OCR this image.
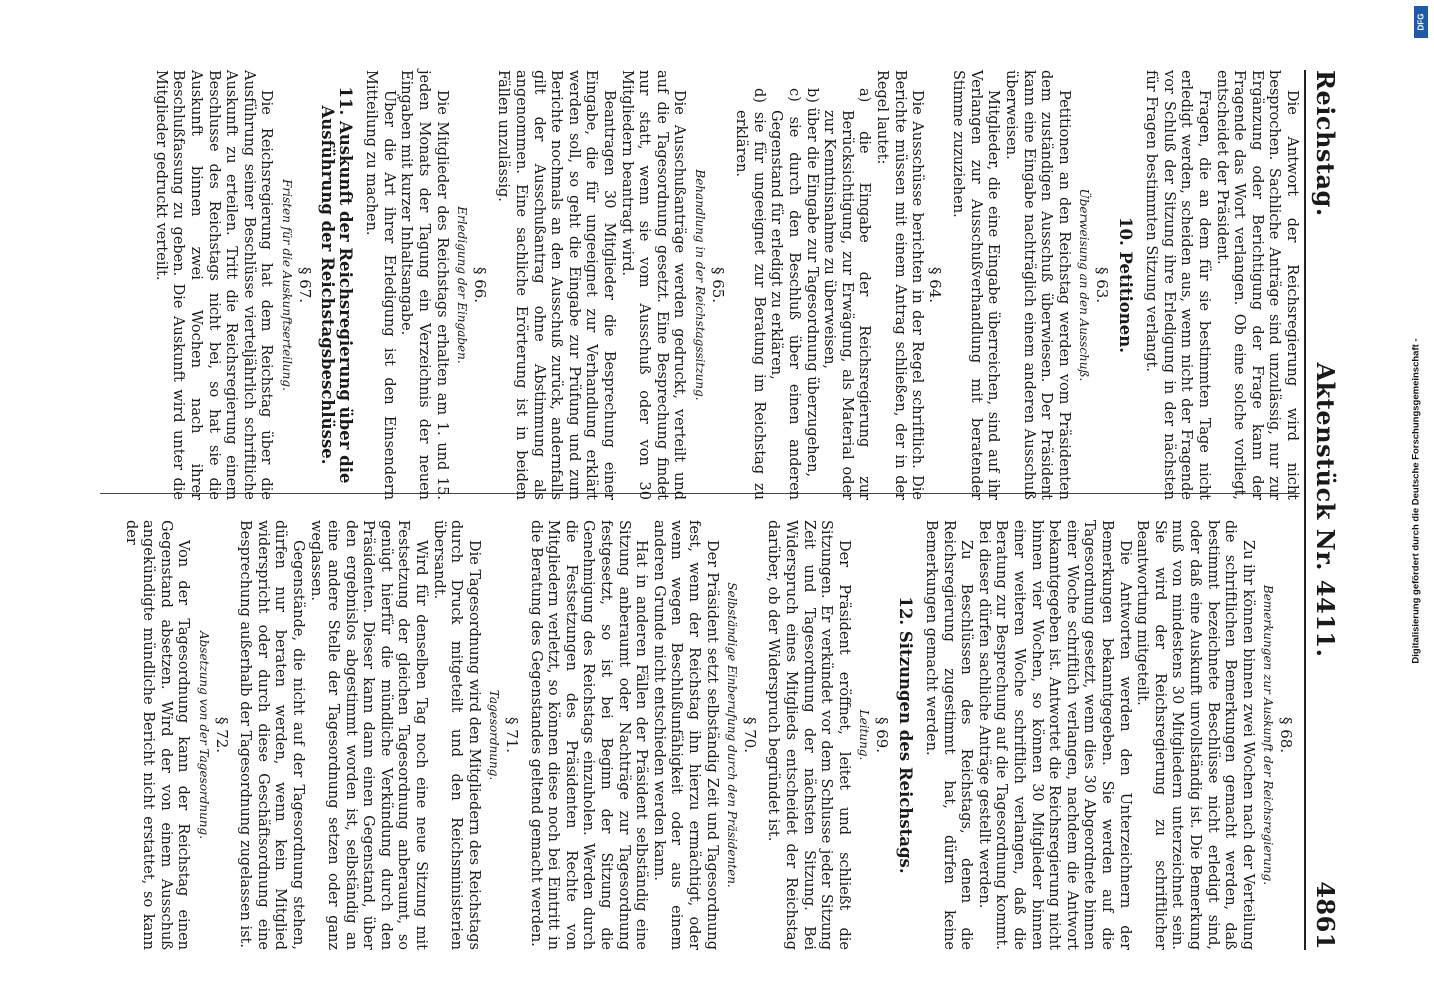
Reichstag.
Aktenstück Nr. 4411.
4861

Die Antwort der Reichsregierung wird nicht besprochen. Sachliche Anträge sind unzulässig, nur zur Ergänzung oder Berichtigung der Frage kann der Fragende das Wort verlangen. Ob eine solche vorliegt, entscheidet der Präsident.

Fragen, die an dem für sie bestimmten Tage nicht erledigt werden, scheiden aus, wenn nicht der Fragende vor Schluß der Sitzung ihre Erledigung in der nächsten für Fragen bestimmten Sitzung verlangt.

10. Petitionen.
§ 63.
Überweisung an den Ausschuß.

Petitionen an den Reichstag werden vom Präsidenten dem zuständigen Ausschuß überwiesen. Der Präsident kann eine Eingabe nachträglich einem anderen Ausschuß überweisen.

Mitglieder, die eine Eingabe überreichen, sind auf ihr Verlangen zur Ausschußverhandlung mit beratender Stimme zuzuziehen.

§ 64.

Die Ausschüsse berichten in der Regel schriftlich. Die Berichte müssen mit einem Antrag schließen, der in der Regel lautet:

a) die Eingabe der Reichsregierung zur Berücksichtigung, zur Erwägung, als Material oder zur Kenntnisnahme zu überweisen,

b) über die Eingabe zur Tagesordnung überzugehen,

c) sie durch den Beschluß über einen anderen Gegenstand für erledigt zu erklären,

d) sie für ungeeignet zur Beratung im Reichstag zu erklären.

§ 65.
Behandlung in der Reichstagssitzung.

Die Ausschußanträge werden gedruckt, verteilt und auf die Tagesordnung gesetzt. Eine Besprechung findet nur statt, wenn sie vom Ausschuß oder von 30 Mitgliedern beantragt wird.

Beantragen 30 Mitglieder die Besprechung einer Eingabe, die für ungeeignet zur Verhandlung erklärt werden soll, so geht die Eingabe zur Prüfung und zum Berichte nochmals an den Ausschuß zurück, andernfalls gilt der Ausschußantrag ohne Abstimmung als angenommen. Eine sachliche Erörterung ist in beiden Fällen unzulässig.

§ 66.
Erledigung der Eingaben.

Die Mitglieder des Reichstags erhalten am 1. und 15. jeden Monats der Tagung ein Verzeichnis der neuen Eingaben mit kurzer Inhaltsangabe.

Über die Art ihrer Erledigung ist den Einsendern Mitteilung zu machen.

11. Auskunft der Reichsregierung über die Ausführung der Reichstagsbeschlüsse.
§ 67.
Fristen für die Auskunftserteilung.

Die Reichsregierung hat dem Reichstag über die Ausführung seiner Beschlüsse vierteljährlich schriftliche Auskunft zu erteilen. Tritt die Reichsregierung einem Beschlusse des Reichstags nicht bei, so hat sie die Auskunft binnen zwei Wochen nach ihrer Beschlußfassung zu geben. Die Auskunft wird unter die Mitglieder gedruckt verteilt.

§ 68.
Bemerkungen zur Auskunft der Reichsregierung.

Zu ihr können binnen zwei Wochen nach der Verteilung die schriftlichen Bemerkungen gemacht werden, daß bestimmt bezeichnete Beschlüsse nicht erledigt sind, oder daß eine Auskunft unvollständig ist. Die Bemerkung muß von mindestens 30 Mitgliedern unterzeichnet sein. Sie wird der Reichsregierung zu schriftlicher Beantwortung mitgeteilt.

Die Antworten werden den Unterzeichnern der Bemerkungen bekanntgegeben. Sie werden auf die Tagesordnung gesetzt, wenn dies 30 Abgeordnete binnen einer Woche schriftlich verlangen, nachdem die Antwort bekanntgegeben ist. Antwortet die Reichsregierung nicht binnen vier Wochen, so können 30 Mitglieder binnen einer weiteren Woche schriftlich verlangen, daß die Beratung zur Besprechung auf die Tagesordnung kommt. Bei dieser dürfen sachliche Anträge gestellt werden.

Zu Beschlüssen des Reichstags, denen die Reichsregierung zugestimmt hat, dürfen keine Bemerkungen gemacht werden.

12. Sitzungen des Reichstags.
§ 69.
Leitung.

Der Präsident eröffnet, leitet und schließt die Sitzungen. Er verkündet vor dem Schlusse jeder Sitzung Zeit und Tagesordnung der nächsten Sitzung. Bei Widerspruch eines Mitglieds entscheidet der Reichstag darüber, ob der Widerspruch begründet ist.

§ 70.
Selbständige Einberufung durch den Präsidenten.

Der Präsident setzt selbständig Zeit und Tagesordnung fest, wenn der Reichstag ihn hierzu ermächtigt, oder wenn wegen Beschlußunfähigkeit oder aus einem anderen Grunde nicht entschieden werden kann.

Hat in anderen Fällen der Präsident selbständig eine Sitzung anberaumt oder Nachträge zur Tagesordnung festgesetzt, so ist bei Beginn der Sitzung die Genehmigung des Reichstags einzuholen. Werden durch die Festsetzungen des Präsidenten Rechte von Mitgliedern verletzt, so können diese noch bei Eintritt in die Beratung des Gegenstandes geltend gemacht werden.

§ 71.
Tagesordnung.

Die Tagesordnung wird den Mitgliedern des Reichstags durch Druck mitgeteilt und den Reichsministerien übersandt.

Wird für denselben Tag noch eine neue Sitzung mit Festsetzung der gleichen Tagesordnung anberaumt, so genügt hierfür die mündliche Verkündung durch den Präsidenten. Dieser kann dann einen Gegenstand, über den ergebnislos abgestimmt worden ist, selbständig an eine andere Stelle der Tagesordnung setzen oder ganz weglassen.

Gegenstände, die nicht auf der Tagesordnung stehen, dürfen nur beraten werden, wenn kein Mitglied widerspricht oder durch diese Geschäftsordnung eine Besprechung außerhalb der Tagesordnung zugelassen ist.

§ 72.
Absetzung von der Tagesordnung.

Von der Tagesordnung kann der Reichstag einen Gegenstand absetzen. Wird der von einem Ausschuß angekündigte mündliche Bericht nicht erstattet, so kann der	Digitalisierung gefördert durch die Deutsche Forschungsgemeinschaft -
DFG
